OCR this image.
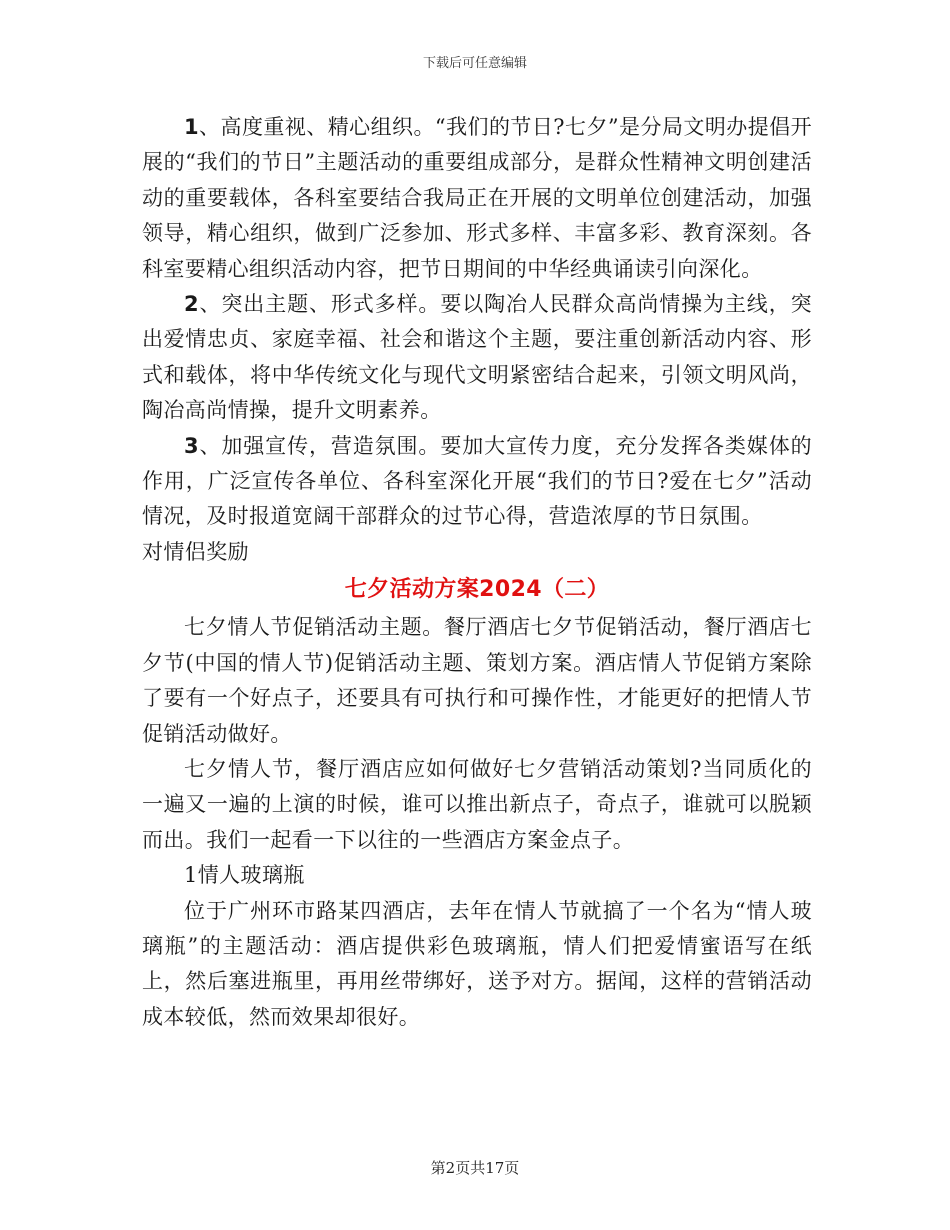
下载后可任意编辑

1、高度重视、精心组织。“我们的节日?七夕”是分局文明办提倡开展的“我们的节日”主题活动的重要组成部分，是群众性精神文明创建活动的重要载体，各科室要结合我局正在开展的文明单位创建活动，加强领导，精心组织，做到广泛参加、形式多样、丰富多彩、教育深刻。各科室要精心组织活动内容，把节日期间的中华经典诵读引向深化。

2、突出主题、形式多样。要以陶冶人民群众高尚情操为主线，突出爱情忠贞、家庭幸福、社会和谐这个主题，要注重创新活动内容、形式和载体，将中华传统文化与现代文明紧密结合起来，引领文明风尚，陶冶高尚情操，提升文明素养。

3、加强宣传，营造氛围。要加大宣传力度，充分发挥各类媒体的作用，广泛宣传各单位、各科室深化开展“我们的节日?爱在七夕”活动情况，及时报道宽阔干部群众的过节心得，营造浓厚的节日氛围。

对情侣奖励

七夕活动方案2024（二）

七夕情人节促销活动主题。餐厅酒店七夕节促销活动，餐厅酒店七夕节(中国的情人节)促销活动主题、策划方案。酒店情人节促销方案除了要有一个好点子，还要具有可执行和可操作性，才能更好的把情人节促销活动做好。

七夕情人节，餐厅酒店应如何做好七夕营销活动策划?当同质化的一遍又一遍的上演的时候，谁可以推出新点子，奇点子，谁就可以脱颖而出。我们一起看一下以往的一些酒店方案金点子。

1情人玻璃瓶

位于广州环市路某四酒店，去年在情人节就搞了一个名为“情人玻璃瓶”的主题活动：酒店提供彩色玻璃瓶，情人们把爱情蜜语写在纸上，然后塞进瓶里，再用丝带绑好，送予对方。据闻，这样的营销活动成本较低，然而效果却很好。

第2页共17页
